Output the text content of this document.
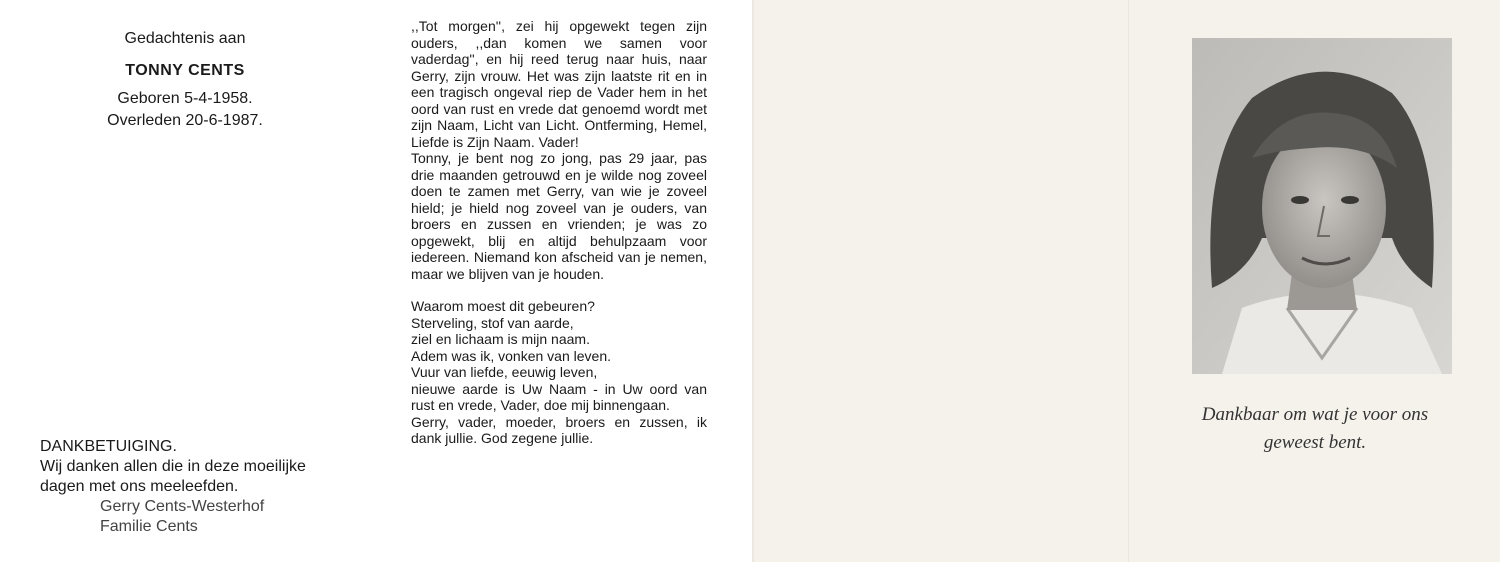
Gedachtenis aan

TONNY CENTS

Geboren 5-4-1958.

Overleden 20-6-1987.

DANKBETUIGING.

Wij danken allen die in deze moeilijke

dagen met ons meeleefden.

Gerry Cents-Westerhof

Familie Cents

,,Tot morgen'', zei hij opgewekt tegen zijn ouders, ,,dan komen we samen voor vaderdag'', en hij reed terug naar huis, naar Gerry, zijn vrouw. Het was zijn laatste rit en in een tragisch ongeval riep de Vader hem in het oord van rust en vrede dat genoemd wordt met zijn Naam, Licht van Licht. Ontferming, Hemel, Liefde is Zijn Naam. Vader!

Tonny, je bent nog zo jong, pas 29 jaar, pas drie maanden getrouwd en je wilde nog zoveel doen te zamen met Gerry, van wie je zoveel hield; je hield nog zoveel van je ouders, van broers en zussen en vrienden; je was zo opgewekt, blij en altijd behulpzaam voor iedereen. Niemand kon afscheid van je nemen, maar we blijven van je houden.

Waarom moest dit gebeuren?
Sterveling, stof van aarde,
ziel en lichaam is mijn naam.
Adem was ik, vonken van leven.
Vuur van liefde, eeuwig leven,
nieuwe aarde is Uw Naam - in Uw oord van rust en vrede, Vader, doe mij binnengaan.
Gerry, vader, moeder, broers en zussen, ik dank jullie. God zegene jullie.
Dankbaar om wat je voor ons
geweest bent.
